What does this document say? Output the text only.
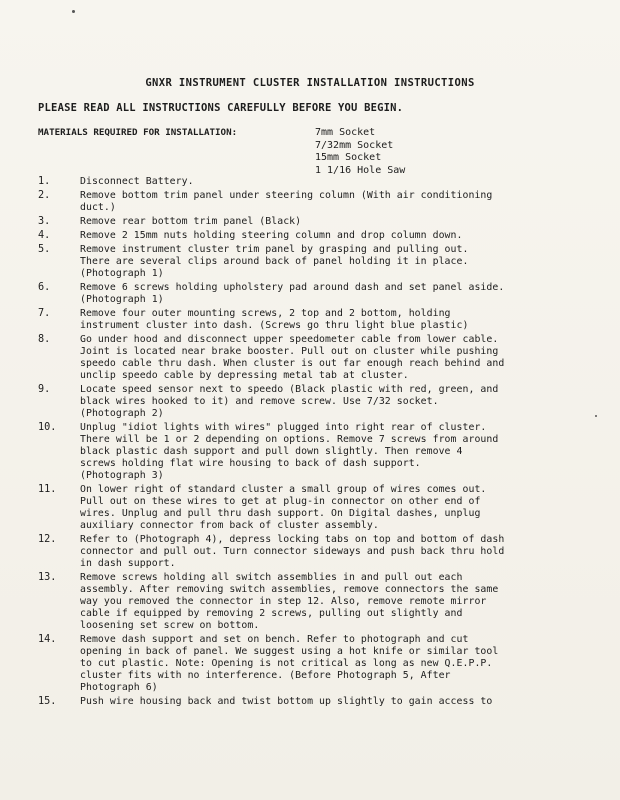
GNXR INSTRUMENT CLUSTER INSTALLATION INSTRUCTIONS
PLEASE READ ALL INSTRUCTIONS CAREFULLY BEFORE YOU BEGIN.
MATERIALS REQUIRED FOR INSTALLATION:	7mm Socket
7/32mm Socket
15mm Socket
1 1/16 Hole Saw
1.	Disconnect Battery.
2.	Remove bottom trim panel under steering column (With air conditioning
duct.)
3.	Remove rear bottom trim panel (Black)
4.	Remove 2 15mm nuts holding steering column and drop column down.
5.	Remove instrument cluster trim panel by grasping and pulling out.
There are several clips around back of panel holding it in place.
(Photograph 1)
6.	Remove 6 screws holding upholstery pad around dash and set panel aside.
(Photograph 1)
7.	Remove four outer mounting screws, 2 top and 2 bottom, holding
instrument cluster into dash. (Screws go thru light blue plastic)
8.	Go under hood and disconnect upper speedometer cable from lower cable.
Joint is located near brake booster. Pull out on cluster while pushing
speedo cable thru dash. When cluster is out far enough reach behind and
unclip speedo cable by depressing metal tab at cluster.
9.	Locate speed sensor next to speedo (Black plastic with red, green, and
black wires hooked to it) and remove screw. Use 7/32 socket.
(Photograph 2)
10.	Unplug "idiot lights with wires" plugged into right rear of cluster.
There will be 1 or 2 depending on options. Remove 7 screws from around
black plastic dash support and pull down slightly. Then remove 4
screws holding flat wire housing to back of dash support.
(Photograph 3)
11.	On lower right of standard cluster a small group of wires comes out.
Pull out on these wires to get at plug-in connector on other end of
wires. Unplug and pull thru dash support. On Digital dashes, unplug
auxiliary connector from back of cluster assembly.
12.	Refer to (Photograph 4), depress locking tabs on top and bottom of dash
connector and pull out. Turn connector sideways and push back thru hold
in dash support.
13.	Remove screws holding all switch assemblies in and pull out each
assembly. After removing switch assemblies, remove connectors the same
way you removed the connector in step 12. Also, remove remote mirror
cable if equipped by removing 2 screws, pulling out slightly and
loosening set screw on bottom.
14.	Remove dash support and set on bench. Refer to photograph and cut
opening in back of panel. We suggest using a hot knife or similar tool
to cut plastic. Note: Opening is not critical as long as new Q.E.P.P.
cluster fits with no interference. (Before Photograph 5, After
Photograph 6)
15.	Push wire housing back and twist bottom up slightly to gain access to
